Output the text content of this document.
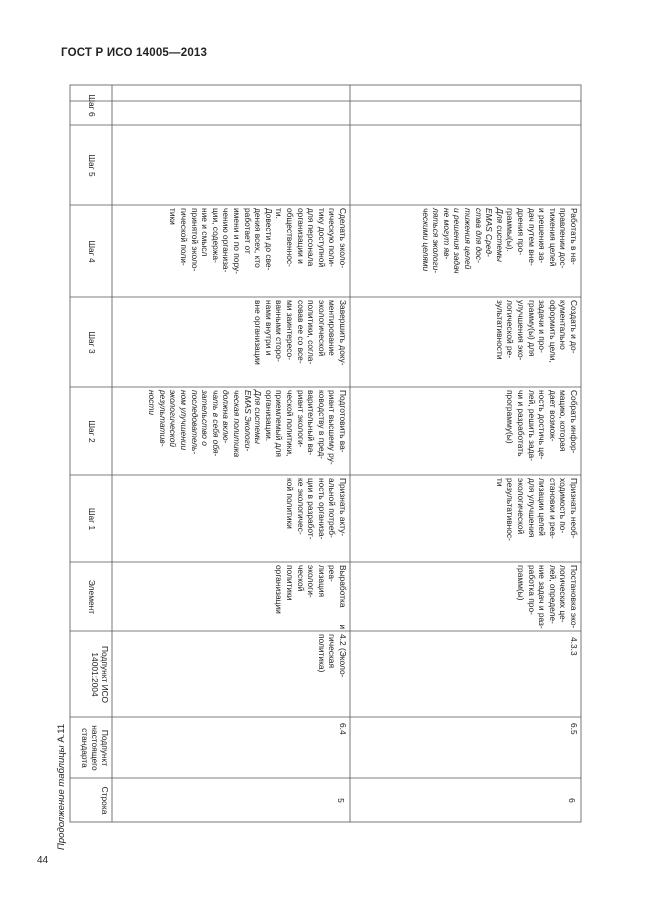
ГОСТ Р ИСО 14005—2013
Продолжение таблицы А.11
44
Строка
Подпункт настоящего стандарта
Подпункт ИСО 14001:2004
Элемент
Шаг 1
Шаг 2
Шаг 3
Шаг 4
Шаг 5
Шаг 6
5
6.4
4.2 (Эколо-
гическая
политика)
Выработка и реа-
лизация экологи-
ческой политики
организации
Признать акту-
альной потреб-
ность организа-
ции в разработ-
ке экологичес-
кой политики
Подготовить ва-
риант высшему ру-
ководству в пред-
варительный ва-
риант экологи-
ческой политики,
приемлемый для
организации.
Для системы
EMAS Экологи-
ческая политика
должна вклю-
чать в себя обя-
зательство о
последователь-
ном улучшении
экологической
результатив-
ности
Завершить доку-
ментирование
экологической
политики, согла-
совав ее со все-
ми заинтересо-
ванными сторо-
нами внутри и
вне организации
Сделать эколо-
гическую поли-
тику доступной
для персонала
организации и
общественнос-
ти.
Довести до све-
дения всех, кто
работает от
имени и по пору-
чению организа-
ции, содержа-
ние и смысл
принятой эколо-
гической поли-
тики
6
6.5
4.3.3
Постановка эко-
логических це-
лей, определе-
ние задач и раз-
работка про-
грамм(ы)
Признать необ-
ходимость по-
становки и реа-
лизации целей
для улучшения
экологической
результативнос-
ти
Собрать инфор-
мацию, которая
дает возмож-
ность достичь це-
лей, решить зада-
чи и разработать
программу(ы)
Создать и до-
кументально
оформить цели,
задачи и про-
грамму(ы) для
улучшения эко-
логической ре-
зультативности
Работать в на-
правлении дос-
тижения целей
и решения за-
дач путем вне-
дрения про-
граммы(ы).
Для системы
EMAS Сред-
ства для дос-
тижения целей
и решения задач
не могут яв-
ляться экологи-
ческими целями
